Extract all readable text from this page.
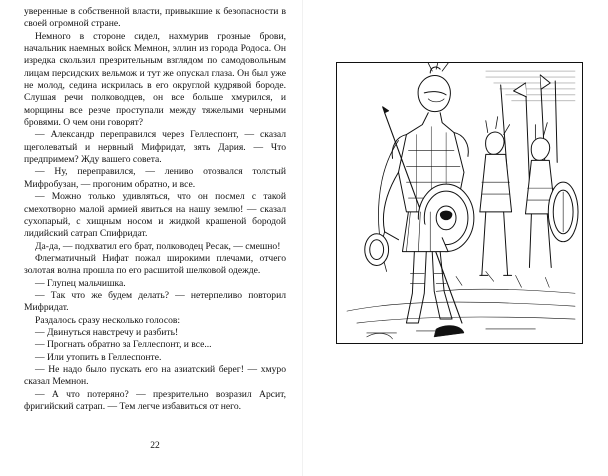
уверенные в собственной власти, привыкшие к безопасности в своей огромной стране.

Немного в стороне сидел, нахмурив грозные брови, начальник наемных войск Мемнон, эллин из города Родоса. Он изредка скользил презрительным взглядом по самодовольным лицам персидских вельмож и тут же опускал глаза. Он был уже не молод, седина искрилась в его округлой кудрявой бороде. Слушая речи полководцев, он все больше хмурился, и морщины все резче проступали между тяжелыми черными бровями. О чем они говорят?

— Александр переправился через Геллеспонт, — сказал щеголеватый и нервный Мифридат, зять Дария. — Что предпримем? Жду вашего совета.

— Ну, переправился, — лениво отозвался толстый Мифробузан, — прогоним обратно, и все.

— Можно только удивляться, что он посмел с такой смехотворно малой армией явиться на нашу землю! — сказал сухопарый, с хищным носом и жидкой крашеной бородой лидийский сатрап Спифридат.

Да-да, — подхватил его брат, полководец Ресак, — смешно!

Флегматичный Нифат пожал широкими плечами, отчего золотая волна прошла по его расшитой шелковой одежде.

— Глупец мальчишка.

— Так что же будем делать? — нетерпеливо повторил Мифридат.

Раздалось сразу несколько голосов:

— Двинуться навстречу и разбить!

— Прогнать обратно за Геллеспонт, и все...

— Или утопить в Геллеспонте.

— Не надо было пускать его на азиатский берег! — хмуро сказал Мемнон.

— А что потеряно? — презрительно возразил Арсит, фригийский сатрап. — Тем легче избавиться от него.

22
